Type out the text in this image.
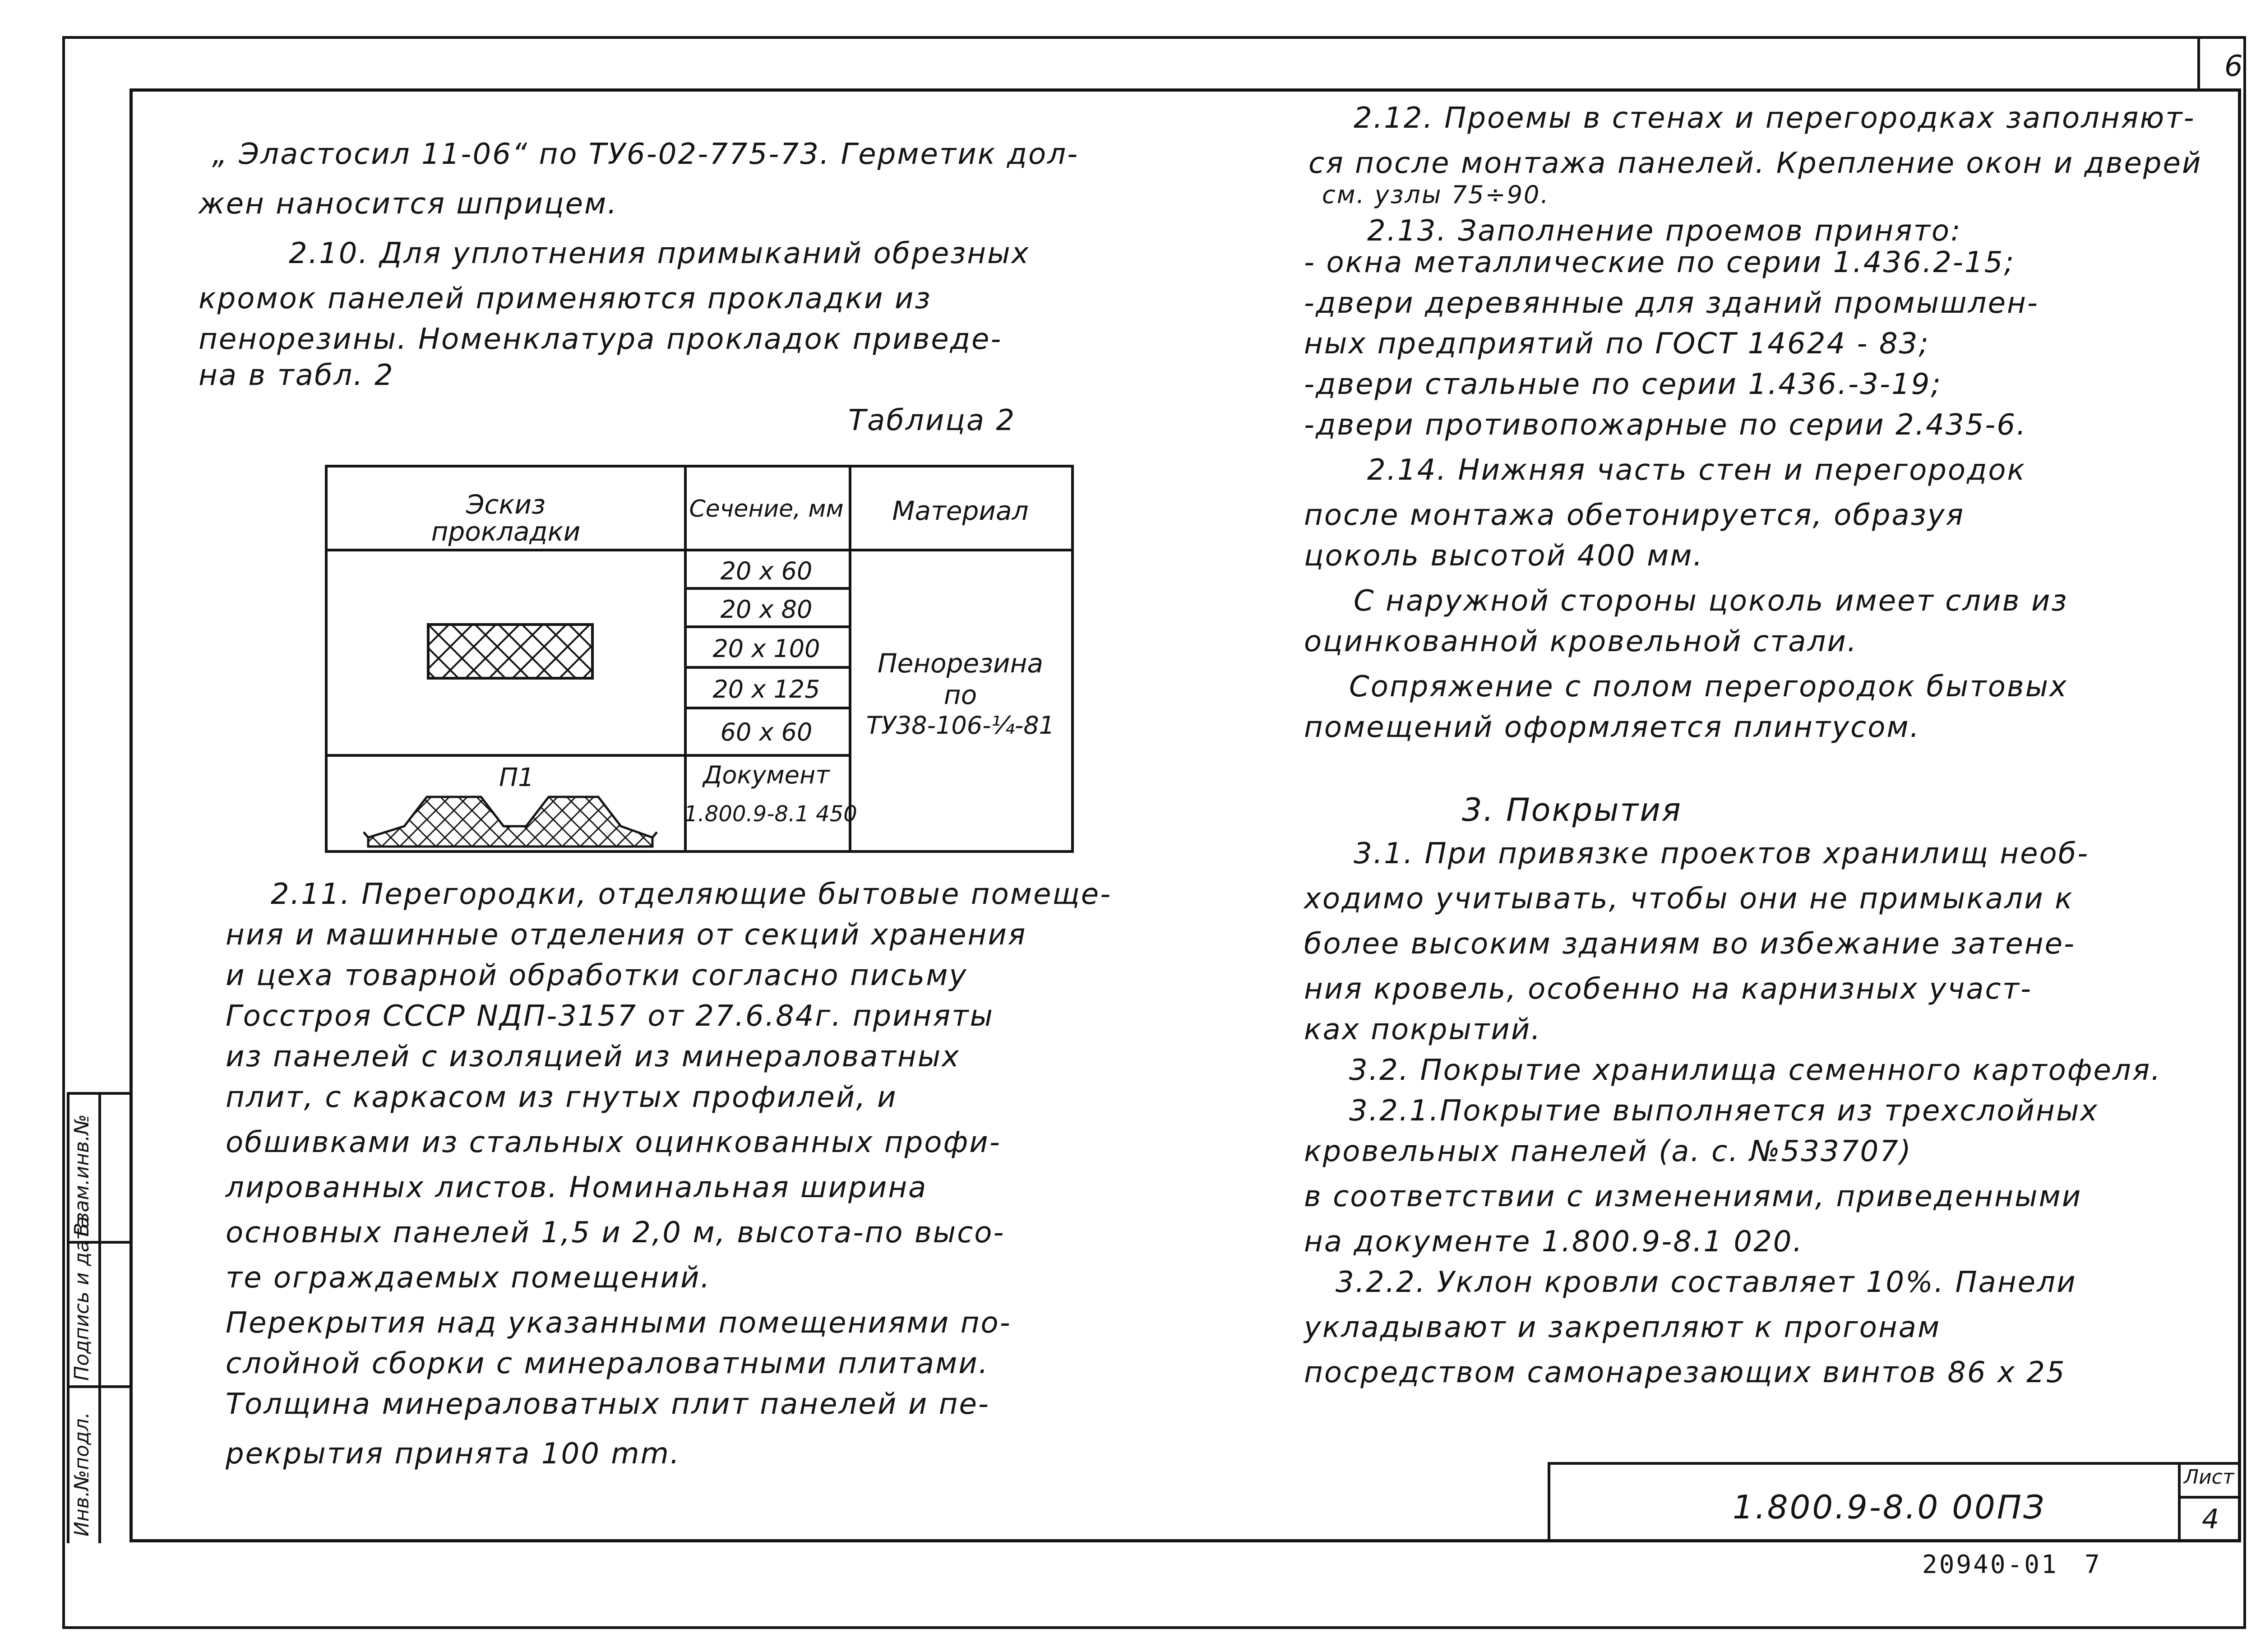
6
Инв.№подл.
Подпись и дата
Взам.инв.№
„ Эластосил 11-06“ по ТУ6-02-775-73. Герметик дол-
жен наносится шприцем.
2.10. Для уплотнения примыканий обрезных
кромок панелей применяются прокладки из
пенорезины. Номенклатура прокладок приведе-
на в табл. 2
Таблица 2
Эскиз
прокладки
Сечение, мм	Материал
20 x 60
20 x 80
20 x 100
20 x 125
60 x 60
Пенорезина
по
ТУ38-106-¼-81
П1	Документ
1.800.9-8.1 450
2.11. Перегородки, отделяющие бытовые помеще-
ния и машинные отделения от секций хранения
и цеха товарной обработки согласно письму
Госстроя СССР NДП-3157 от 27.6.84г. приняты
из панелей с изоляцией из минераловатных
плит, с каркасом из гнутых профилей, и
обшивками из стальных оцинкованных профи-
лированных листов. Номинальная ширина
основных панелей 1,5 и 2,0 м, высота-по высо-
те ограждаемых помещений.
Перекрытия над указанными помещениями по-
слойной сборки с минераловатными плитами.
Толщина минераловатных плит панелей и пе-
рекрытия принята 100 mm.
2.12. Проемы в стенах и перегородках заполняют-
ся после монтажа панелей. Крепление окон и дверей
см. узлы 75÷90.
2.13. Заполнение проемов принято:
- окна металлические по серии 1.436.2-15;
-двери деревянные для зданий промышлен-
ных предприятий по ГОСТ 14624 - 83;
-двери стальные по серии 1.436.-3-19;
-двери противопожарные по серии 2.435-6.
2.14. Нижняя часть стен и перегородок
после монтажа обетонируется, образуя
цоколь высотой 400 мм.
С наружной стороны цоколь имеет слив из
оцинкованной кровельной стали.
Сопряжение с полом перегородок бытовых
помещений оформляется плинтусом.
3. Покрытия
3.1. При привязке проектов хранилищ необ-
ходимо учитывать, чтобы они не примыкали к
более высоким зданиям во избежание затене-
ния кровель, особенно на карнизных участ-
ках покрытий.
3.2. Покрытие хранилища семенного картофеля.
3.2.1.Покрытие выполняется из трехслойных
кровельных панелей (а. с. №533707)
в соответствии с изменениями, приведенными
на документе 1.800.9-8.1 020.
3.2.2. Уклон кровли составляет 10%. Панели
укладывают и закрепляют к прогонам
посредством самонарезающих винтов 86 x 25
Лист
4
1.800.9-8.0 00ПЗ
20940-01 7
